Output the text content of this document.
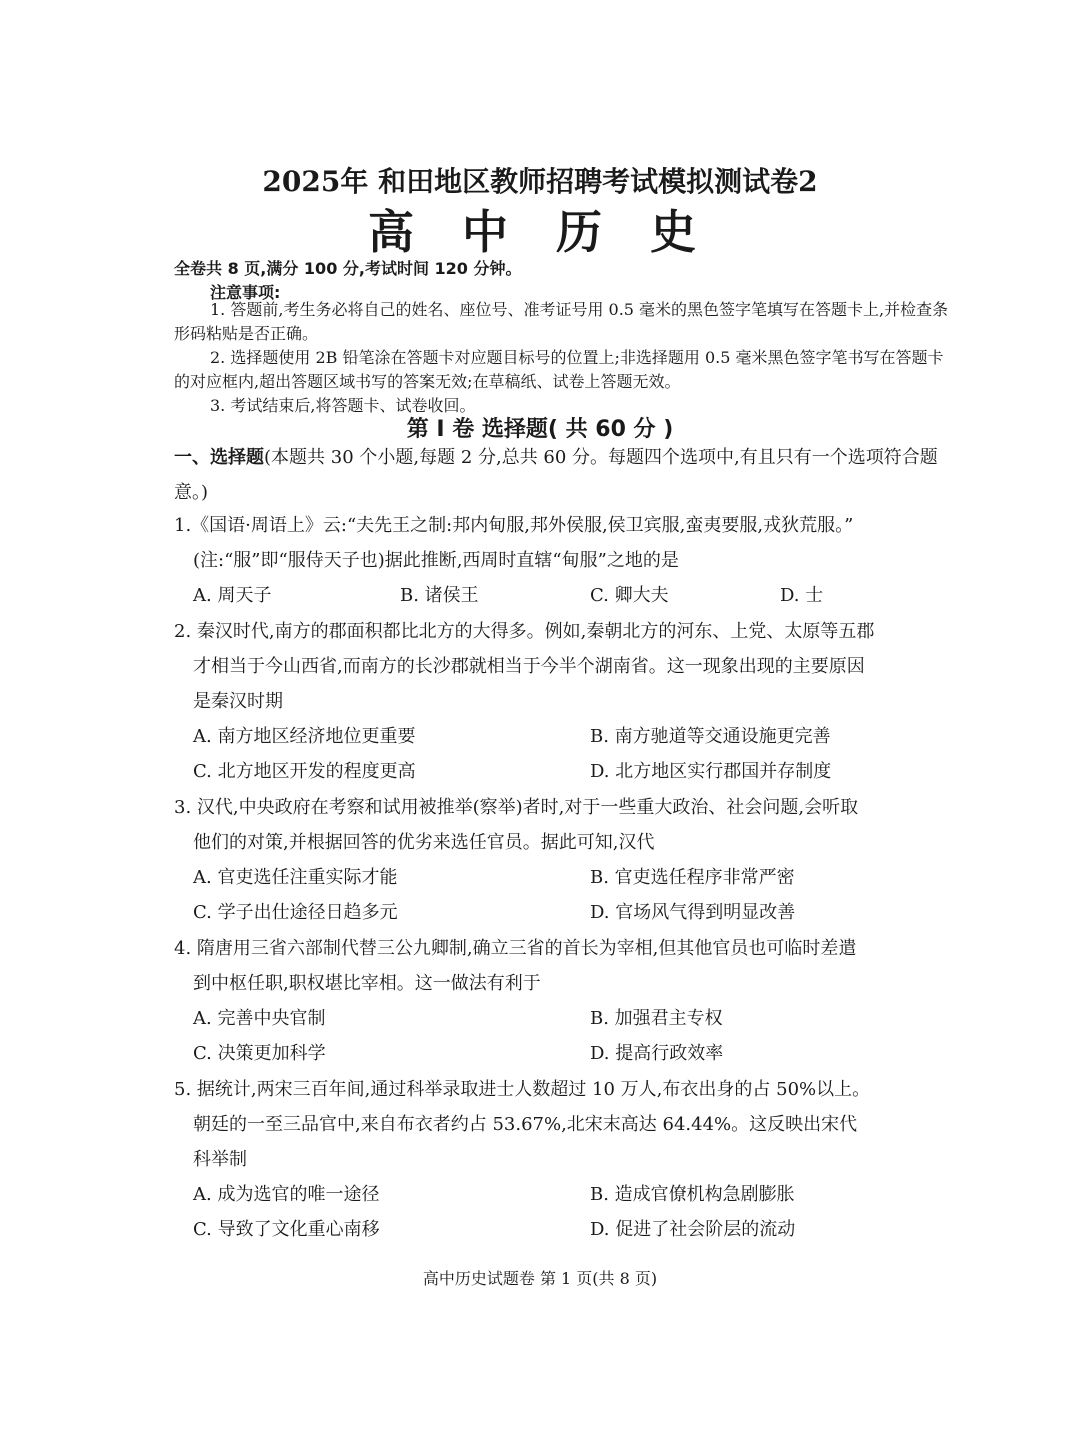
2025年 和田地区教师招聘考试模拟测试卷2
高 中 历 史
全卷共 8 页,满分 100 分,考试时间 120 分钟。
注意事项:
1. 答题前,考生务必将自己的姓名、座位号、准考证号用 0.5 毫米的黑色签字笔填写在答题卡上,并检查条形码粘贴是否正确。
2. 选择题使用 2B 铅笔涂在答题卡对应题目标号的位置上;非选择题用 0.5 毫米黑色签字笔书写在答题卡的对应框内,超出答题区域书写的答案无效;在草稿纸、试卷上答题无效。
3. 考试结束后,将答题卡、试卷收回。
第 Ⅰ 卷 选择题( 共 60 分 )
一、选择题(本题共 30 个小题,每题 2 分,总共 60 分。每题四个选项中,有且只有一个选项符合题意。)
1.《国语·周语上》云:“夫先王之制:邦内甸服,邦外侯服,侯卫宾服,蛮夷要服,戎狄荒服。”
(注:“服”即“服侍天子也)据此推断,西周时直辖“甸服”之地的是
A. 周天子	B. 诸侯王	C. 卿大夫	D. 士
2. 秦汉时代,南方的郡面积都比北方的大得多。例如,秦朝北方的河东、上党、太原等五郡
才相当于今山西省,而南方的长沙郡就相当于今半个湖南省。这一现象出现的主要原因
是秦汉时期
A. 南方地区经济地位更重要	B. 南方驰道等交通设施更完善
C. 北方地区开发的程度更高	D. 北方地区实行郡国并存制度
3. 汉代,中央政府在考察和试用被推举(察举)者时,对于一些重大政治、社会问题,会听取
他们的对策,并根据回答的优劣来选任官员。据此可知,汉代
A. 官吏选任注重实际才能	B. 官吏选任程序非常严密
C. 学子出仕途径日趋多元	D. 官场风气得到明显改善
4. 隋唐用三省六部制代替三公九卿制,确立三省的首长为宰相,但其他官员也可临时差遣
到中枢任职,职权堪比宰相。这一做法有利于
A. 完善中央官制	B. 加强君主专权
C. 决策更加科学	D. 提高行政效率
5. 据统计,两宋三百年间,通过科举录取进士人数超过 10 万人,布衣出身的占 50%以上。
朝廷的一至三品官中,来自布衣者约占 53.67%,北宋末高达 64.44%。这反映出宋代
科举制
A. 成为选官的唯一途径	B. 造成官僚机构急剧膨胀
C. 导致了文化重心南移	D. 促进了社会阶层的流动
高中历史试题卷 第 1 页(共 8 页)
